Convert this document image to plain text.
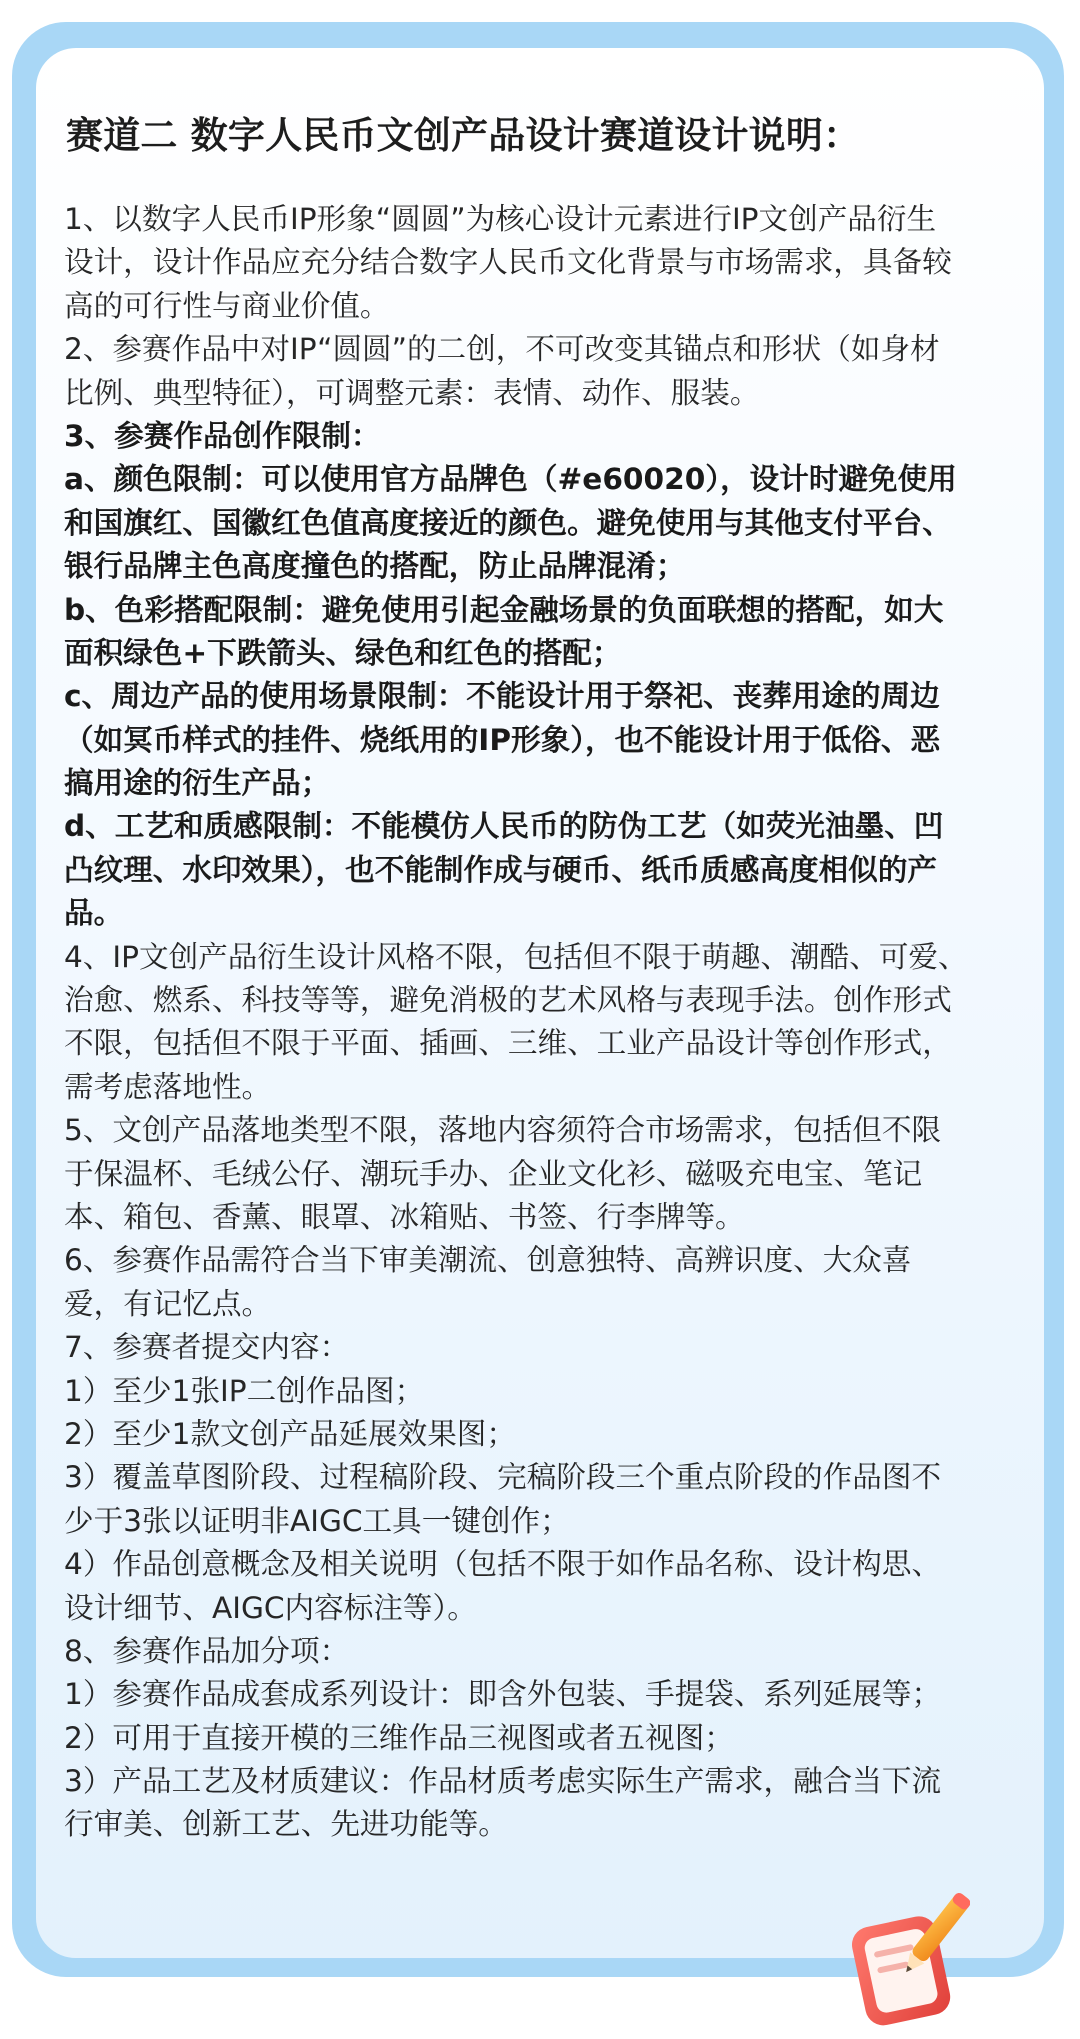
赛道二 数字人民币文创产品设计赛道设计说明：
1、以数字人民币IP形象“圆圆”为核心设计元素进行IP文创产品衍生
设计，设计作品应充分结合数字人民币文化背景与市场需求，具备较
高的可行性与商业价值。
2、参赛作品中对IP“圆圆”的二创，不可改变其锚点和形状（如身材
比例、典型特征），可调整元素：表情、动作、服装。
3、参赛作品创作限制：
a、颜色限制：可以使用官方品牌色（#e60020），设计时避免使用
和国旗红、国徽红色值高度接近的颜色。避免使用与其他支付平台、
银行品牌主色高度撞色的搭配，防止品牌混淆；
b、色彩搭配限制：避免使用引起金融场景的负面联想的搭配，如大
面积绿色+下跌箭头、绿色和红色的搭配；
c、周边产品的使用场景限制：不能设计用于祭祀、丧葬用途的周边
（如冥币样式的挂件、烧纸用的IP形象），也不能设计用于低俗、恶
搞用途的衍生产品；
d、工艺和质感限制：不能模仿人民币的防伪工艺（如荧光油墨、凹
凸纹理、水印效果），也不能制作成与硬币、纸币质感高度相似的产
品。
4、IP文创产品衍生设计风格不限，包括但不限于萌趣、潮酷、可爱、
治愈、燃系、科技等等，避免消极的艺术风格与表现手法。创作形式
不限，包括但不限于平面、插画、三维、工业产品设计等创作形式，
需考虑落地性。
5、文创产品落地类型不限，落地内容须符合市场需求，包括但不限
于保温杯、毛绒公仔、潮玩手办、企业文化衫、磁吸充电宝、笔记
本、箱包、香薰、眼罩、冰箱贴、书签、行李牌等。
6、参赛作品需符合当下审美潮流、创意独特、高辨识度、大众喜
爱，有记忆点。
7、参赛者提交内容：
1）至少1张IP二创作品图；
2）至少1款文创产品延展效果图；
3）覆盖草图阶段、过程稿阶段、完稿阶段三个重点阶段的作品图不
少于3张以证明非AIGC工具一键创作；
4）作品创意概念及相关说明（包括不限于如作品名称、设计构思、
设计细节、AIGC内容标注等）。
8、参赛作品加分项：
1）参赛作品成套成系列设计：即含外包装、手提袋、系列延展等；
2）可用于直接开模的三维作品三视图或者五视图；
3）产品工艺及材质建议：作品材质考虑实际生产需求，融合当下流
行审美、创新工艺、先进功能等。
